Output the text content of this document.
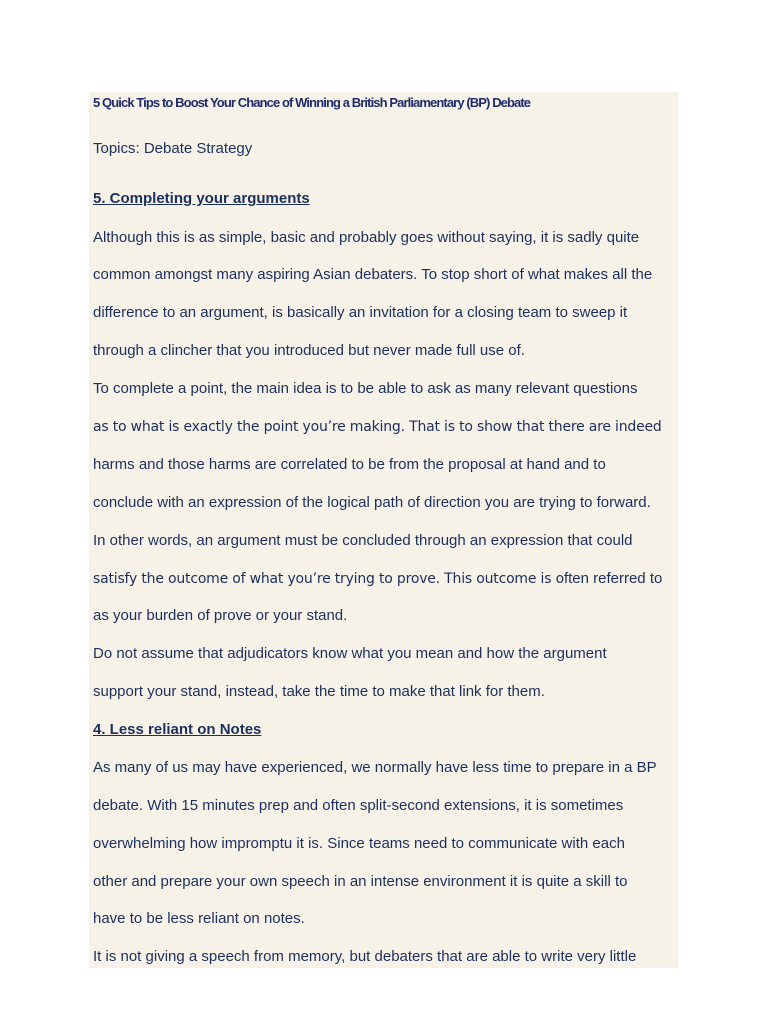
5 Quick Tips to Boost Your Chance of Winning a British Parliamentary (BP) Debate
Topics: Debate Strategy
5. Completing your arguments
Although this is as simple, basic and probably goes without saying, it is sadly quite
common amongst many aspiring Asian debaters. To stop short of what makes all the
difference to an argument, is basically an invitation for a closing team to sweep it
through a clincher that you introduced but never made full use of.
To complete a point, the main idea is to be able to ask as many relevant questions
as to what is exactly the point you’re making. That is to show that there are indeed
harms and those harms are correlated to be from the proposal at hand and to
conclude with an expression of the logical path of direction you are trying to forward.
In other words, an argument must be concluded through an expression that could
satisfy the outcome of what you’re trying to prove. This outcome is often referred to
as your burden of prove or your stand.
Do not assume that adjudicators know what you mean and how the argument
support your stand, instead, take the time to make that link for them.
4. Less reliant on Notes
As many of us may have experienced, we normally have less time to prepare in a BP
debate. With 15 minutes prep and often split-second extensions, it is sometimes
overwhelming how impromptu it is. Since teams need to communicate with each
other and prepare your own speech in an intense environment it is quite a skill to
have to be less reliant on notes.
It is not giving a speech from memory, but debaters that are able to write very little
